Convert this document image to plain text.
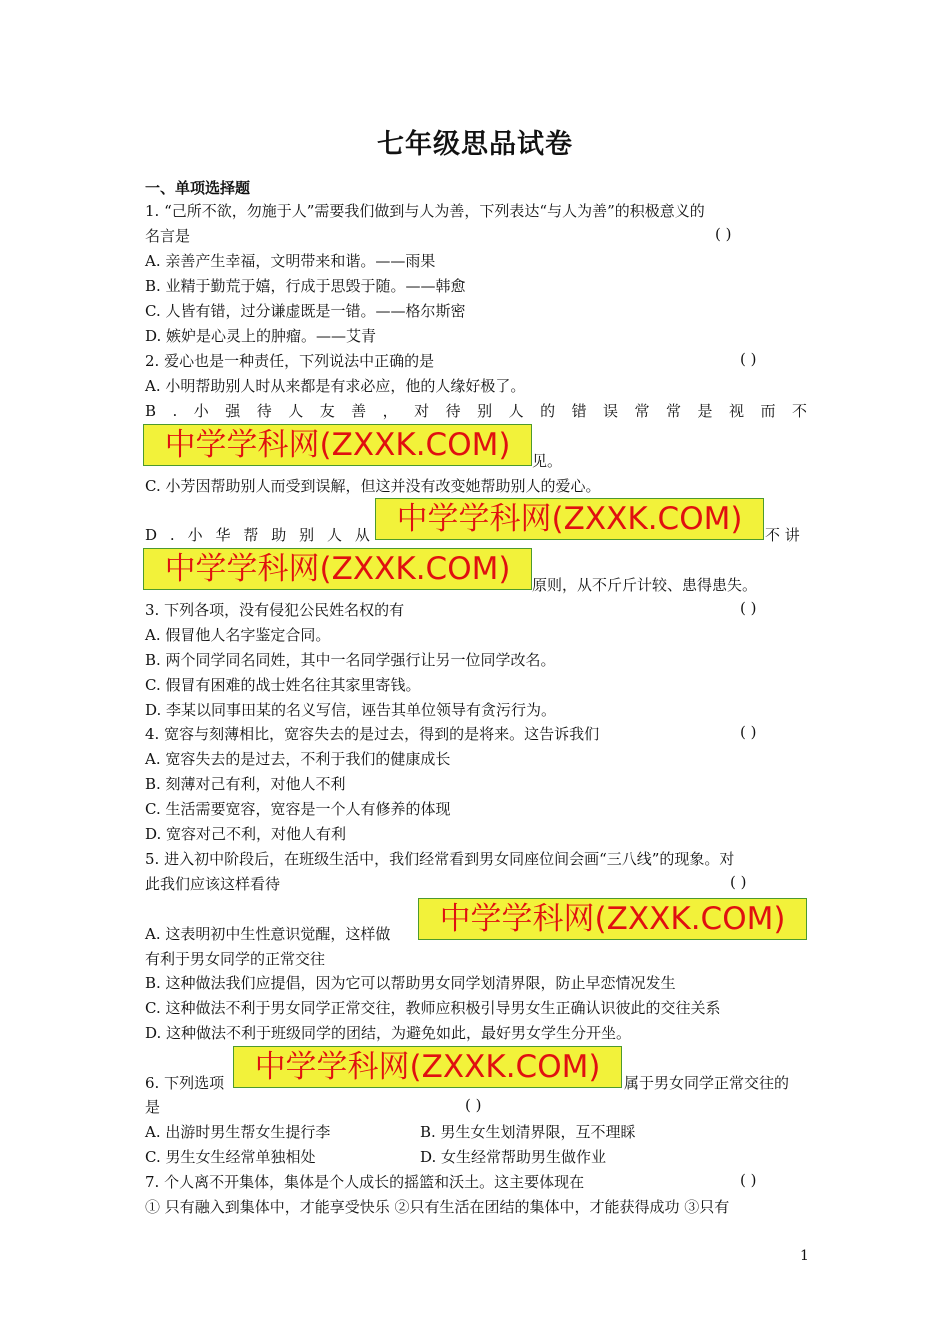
七年级思品试卷
一、单项选择题
1. “己所不欲，勿施于人”需要我们做到与人为善，下列表达“与人为善”的积极意义的
名言是	( )
A. 亲善产生幸福，文明带来和谐。——雨果
B. 业精于勤荒于嬉，行成于思毁于随。——韩愈
C. 人皆有错，过分谦虚既是一错。——格尔斯密
D. 嫉妒是心灵上的肿瘤。——艾青
2. 爱心也是一种责任，下列说法中正确的是	( )
A. 小明帮助别人时从来都是有求必应，他的人缘好极了。
B . 小 强 待 人 友 善 ， 对 待 别 人 的 错 误 常 常 是 视 而 不
中学学科网(ZXXK.COM)	见。
C. 小芳因帮助别人而受到误解，但这并没有改变她帮助别人的爱心。
D . 小 华 帮 助 别 人 从 中学学科网(ZXXK.COM)	不 讲
中学学科网(ZXXK.COM)	原则，从不斤斤计较、患得患失。
3. 下列各项，没有侵犯公民姓名权的有	( )
A. 假冒他人名字鉴定合同。
B. 两个同学同名同姓，其中一名同学强行让另一位同学改名。
C. 假冒有困难的战士姓名往其家里寄钱。
D. 李某以同事田某的名义写信，诬告其单位领导有贪污行为。
4. 宽容与刻薄相比，宽容失去的是过去，得到的是将来。这告诉我们	( )
A. 宽容失去的是过去，不利于我们的健康成长
B. 刻薄对己有利，对他人不利
C. 生活需要宽容，宽容是一个人有修养的体现
D. 宽容对己不利，对他人有利
5. 进入初中阶段后，在班级生活中，我们经常看到男女同座位间会画“三八线”的现象。对
此我们应该这样看待	( )
A. 这表明初中生性意识觉醒，这样做	中学学科网(ZXXK.COM)
有利于男女同学的正常交往
B. 这种做法我们应提倡，因为它可以帮助男女同学划清界限，防止早恋情况发生
C. 这种做法不利于男女同学正常交往，教师应积极引导男女生正确认识彼此的交往关系
D. 这种做法不利于班级同学的团结，为避免如此，最好男女学生分开坐。
6. 下列选项 中学学科网(ZXXK.COM)	属于男女同学正常交往的
是	( )
A. 出游时男生帮女生提行李	B. 男生女生划清界限，互不理睬
C. 男生女生经常单独相处	D. 女生经常帮助男生做作业
7. 个人离不开集体，集体是个人成长的摇篮和沃土。这主要体现在	( )
① 只有融入到集体中，才能享受快乐 ②只有生活在团结的集体中，才能获得成功 ③只有
1
